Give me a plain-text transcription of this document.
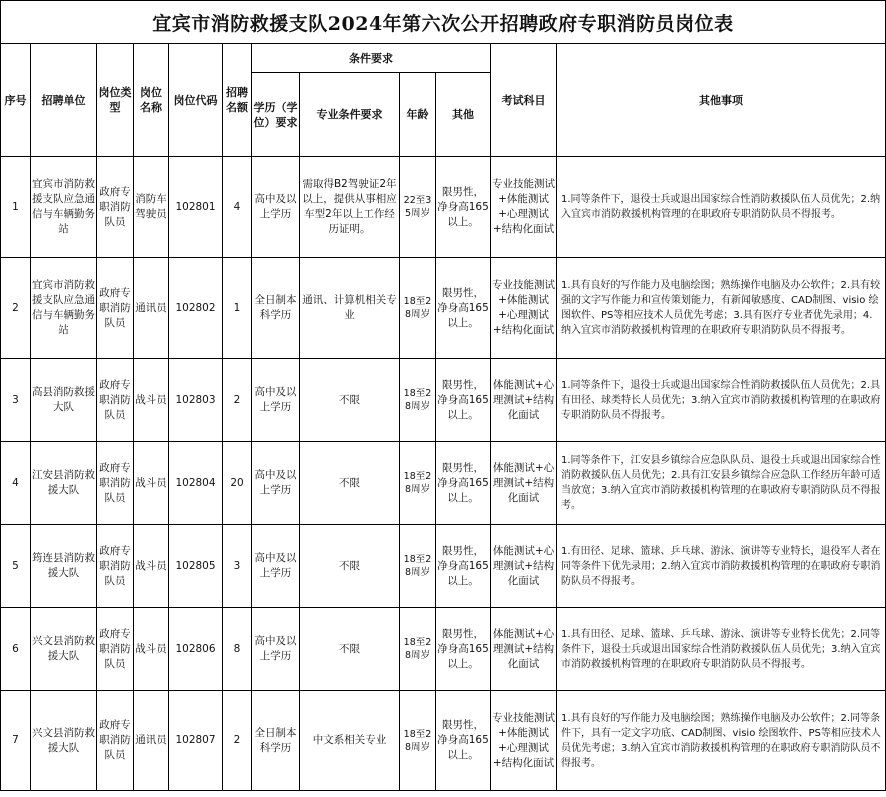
宜宾市消防救援支队2024年第六次公开招聘政府专职消防员岗位表
序号	招聘单位	岗位类型	岗位名称	岗位代码	招聘名额	条件要求				考试科目	其他事项
						学历（学位）要求	专业条件要求	年龄	其他		
1	宜宾市消防救援支队应急通信与车辆勤务站	政府专职消防队员	消防车驾驶员	102801	4	高中及以上学历	需取得B2驾驶证2年以上，提供从事相应车型2年以上工作经历证明。	22至35周岁	限男性，净身高165以上。	专业技能测试+体能测试+心理测试+结构化面试	1.同等条件下，退役士兵或退出国家综合性消防救援队伍人员优先；2.纳入宜宾市消防救援机构管理的在职政府专职消防队员不得报考。
2	宜宾市消防救援支队应急通信与车辆勤务站	政府专职消防队员	通讯员	102802	1	全日制本科学历	通讯、计算机相关专业	18至28周岁	限男性，净身高165以上。	专业技能测试+体能测试+心理测试+结构化面试	1.具有良好的写作能力及电脑绘图；熟练操作电脑及办公软件；2.具有较强的文字写作能力和宣传策划能力，有新闻敏感度、CAD制图、visio 绘图软件、PS等相应技术人员优先考虑；3.具有医疗专业者优先录用；4.纳入宜宾市消防救援机构管理的在职政府专职消防队员不得报考。
3	高县消防救援大队	政府专职消防队员	战斗员	102803	2	高中及以上学历	不限	18至28周岁	限男性，净身高165以上。	体能测试+心理测试+结构化面试	1.同等条件下，退役士兵或退出国家综合性消防救援队伍人员优先；2.具有田径、球类特长人员优先；3.纳入宜宾市消防救援机构管理的在职政府专职消防队员不得报考。
4	江安县消防救援大队	政府专职消防队员	战斗员	102804	20	高中及以上学历	不限	18至28周岁	限男性，净身高165以上。	体能测试+心理测试+结构化面试	1.同等条件下，江安县乡镇综合应急队队员、退役士兵或退出国家综合性消防救援队伍人员优先；2.具有江安县乡镇综合应急队工作经历年龄可适当放宽；3.纳入宜宾市消防救援机构管理的在职政府专职消防队员不得报考。
5	筠连县消防救援大队	政府专职消防队员	战斗员	102805	3	高中及以上学历	不限	18至28周岁	限男性，净身高165以上。	体能测试+心理测试+结构化面试	1.有田径、足球、篮球、乒乓球、游泳、演讲等专业特长，退役军人者在同等条件下优先录用；2.纳入宜宾市消防救援机构管理的在职政府专职消防队员不得报考。
6	兴文县消防救援大队	政府专职消防队员	战斗员	102806	8	高中及以上学历	不限	18至28周岁	限男性，净身高165以上。	体能测试+心理测试+结构化面试	1.具有田径、足球、篮球、乒乓球、游泳、演讲等专业特长优先；2.同等条件下，退役士兵或退出国家综合性消防救援队伍人员优先；3.纳入宜宾市消防救援机构管理的在职政府专职消防队员不得报考。
7	兴文县消防救援大队	政府专职消防队员	通讯员	102807	2	全日制本科学历	中文系相关专业	18至28周岁	限男性，净身高165以上。	专业技能测试+体能测试+心理测试+结构化面试	1.具有良好的写作能力及电脑绘图；熟练操作电脑及办公软件；2.同等条件下，具有一定文字功底、CAD制图、visio 绘图软件、PS等相应技术人员优先考虑；3.纳入宜宾市消防救援机构管理的在职政府专职消防队员不得报考。
